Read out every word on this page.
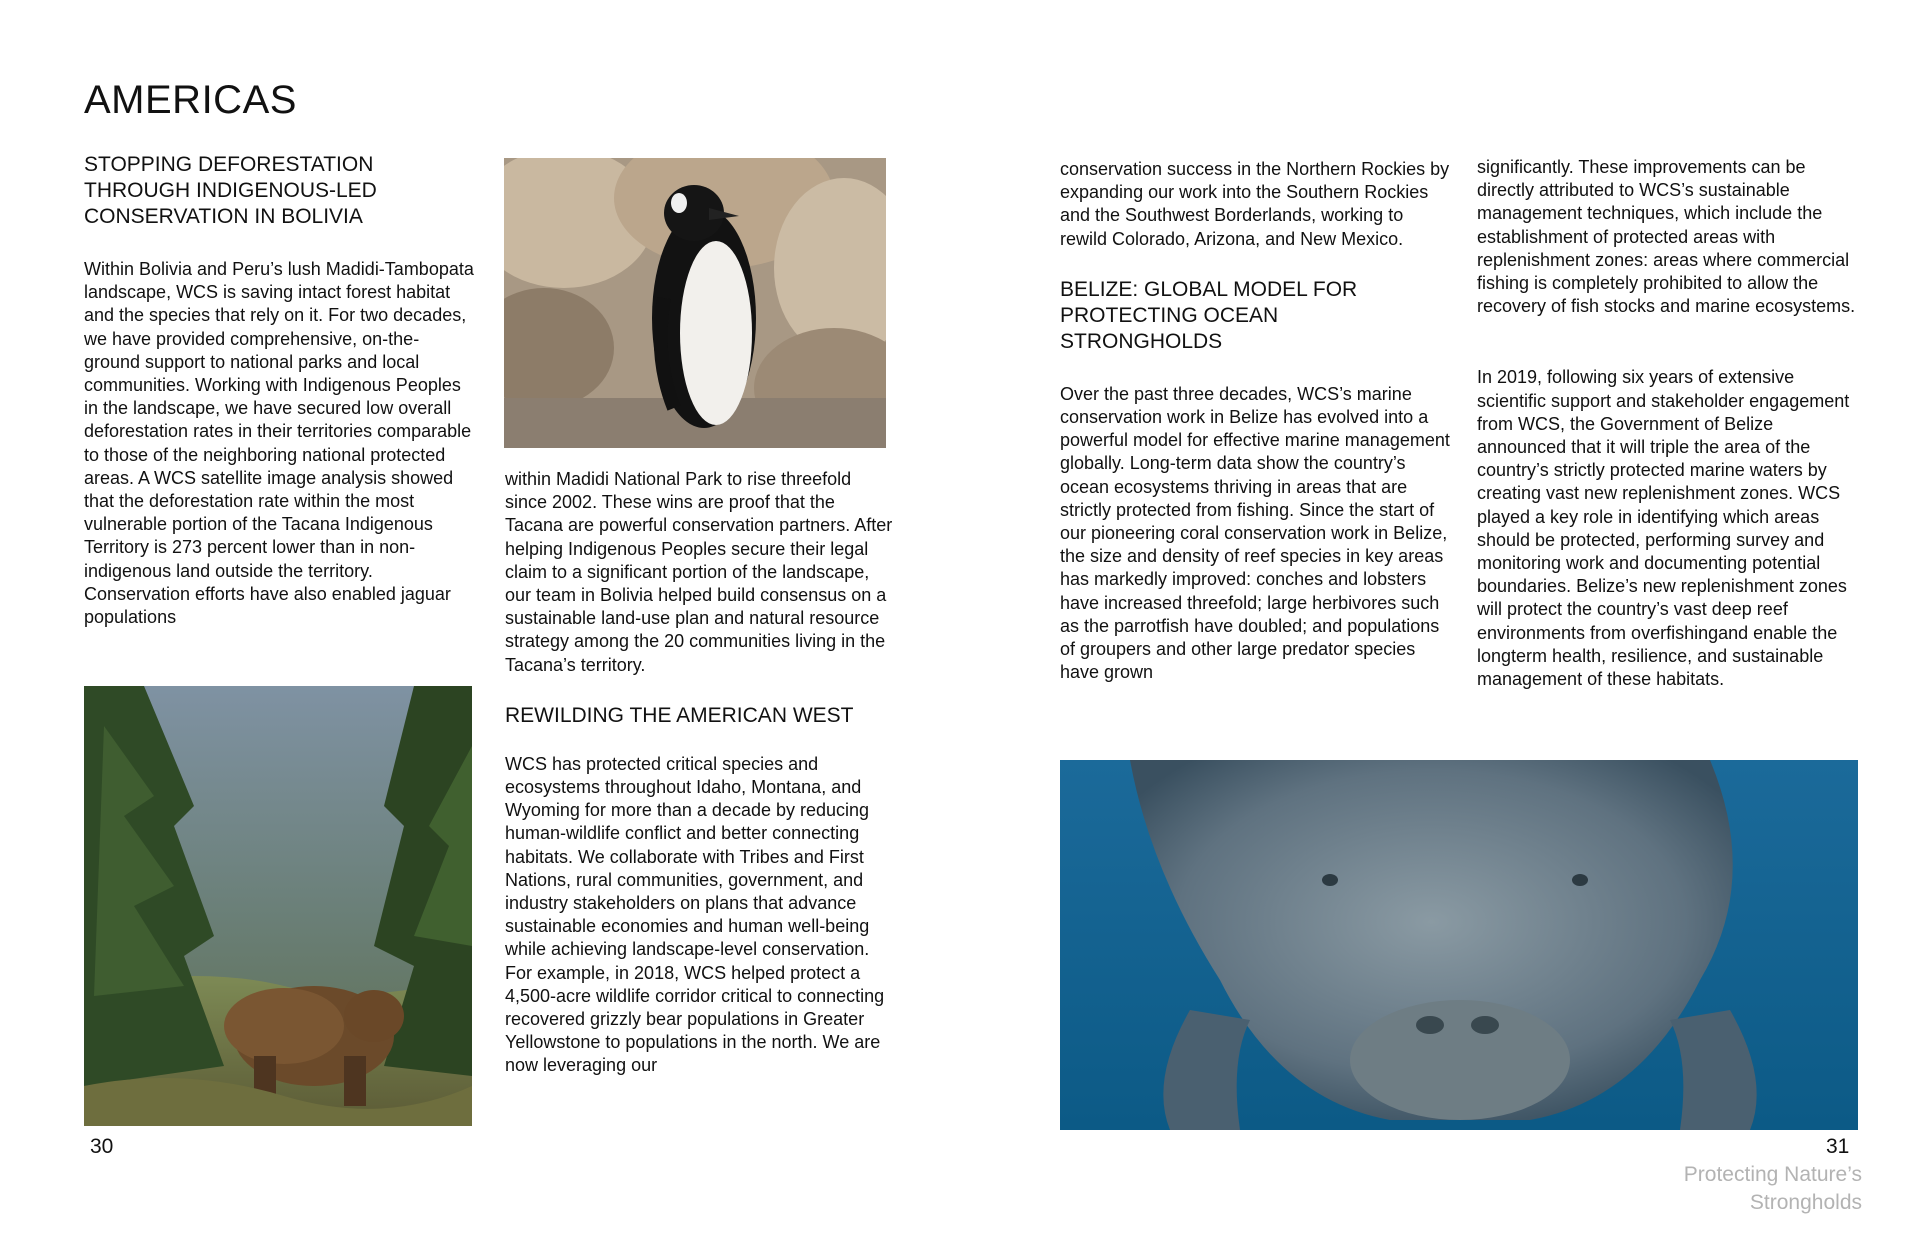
AMERICAS
STOPPING DEFORESTATION THROUGH INDIGENOUS-LED CONSERVATION IN BOLIVIA

Within Bolivia and Peru’s lush Madidi-Tambopata landscape, WCS is saving intact forest habitat and the species that rely on it. For two decades, we have provided comprehensive, on-the-ground support to national parks and local communities. Working with Indigenous Peoples in the landscape, we have secured low overall deforestation rates in their territories comparable to those of the neighboring national protected areas. A WCS satellite image analysis showed that the deforestation rate within the most vulnerable portion of the Tacana Indigenous Territory is 273 percent lower than in non-indigenous land outside the territory. Conservation efforts have also enabled jaguar populations

within Madidi National Park to rise threefold since 2002. These wins are proof that the Tacana are powerful conservation partners. After helping Indigenous Peoples secure their legal claim to a significant portion of the landscape, our team in Bolivia helped build consensus on a sustainable land-use plan and natural resource strategy among the 20 communities living in the Tacana’s territory.

REWILDING THE AMERICAN WEST

WCS has protected critical species and ecosystems throughout Idaho, Montana, and Wyoming for more than a decade by reducing human-wildlife conflict and better connecting habitats. We collaborate with Tribes and First Nations, rural communities, government, and industry stakeholders on plans that advance sustainable economies and human well-being while achieving landscape-level conservation. For example, in 2018, WCS helped protect a 4,500-acre wildlife corridor critical to connecting recovered grizzly bear populations in Greater Yellowstone to populations in the north. We are now leveraging our

30

conservation success in the Northern Rockies by expanding our work into the Southern Rockies and the Southwest Borderlands, working to rewild Colorado, Arizona, and New Mexico.

BELIZE: GLOBAL MODEL FOR PROTECTING OCEAN STRONGHOLDS

Over the past three decades, WCS’s marine conservation work in Belize has evolved into a powerful model for effective marine management globally. Long-term data show the country’s ocean ecosystems thriving in areas that are strictly protected from fishing. Since the start of our pioneering coral conservation work in Belize, the size and density of reef species in key areas has markedly improved: conches and lobsters have increased threefold; large herbivores such as the parrotfish have doubled; and populations of groupers and other large predator species have grown

significantly. These improvements can be directly attributed to WCS’s sustainable management techniques, which include the establishment of protected areas with replenishment zones: areas where commercial fishing is completely prohibited to allow the recovery of fish stocks and marine ecosystems.

In 2019, following six years of extensive scientific support and stakeholder engagement from WCS, the Government of Belize announced that it will triple the area of the country’s strictly protected marine waters by creating vast new replenishment zones. WCS played a key role in identifying which areas should be protected, performing survey and monitoring work and documenting potential boundaries. Belize’s new replenishment zones will protect the country’s vast deep reef environments from overfishingand enable the longterm health, resilience, and sustainable management of these habitats.

31
Protecting Nature’s
Strongholds
